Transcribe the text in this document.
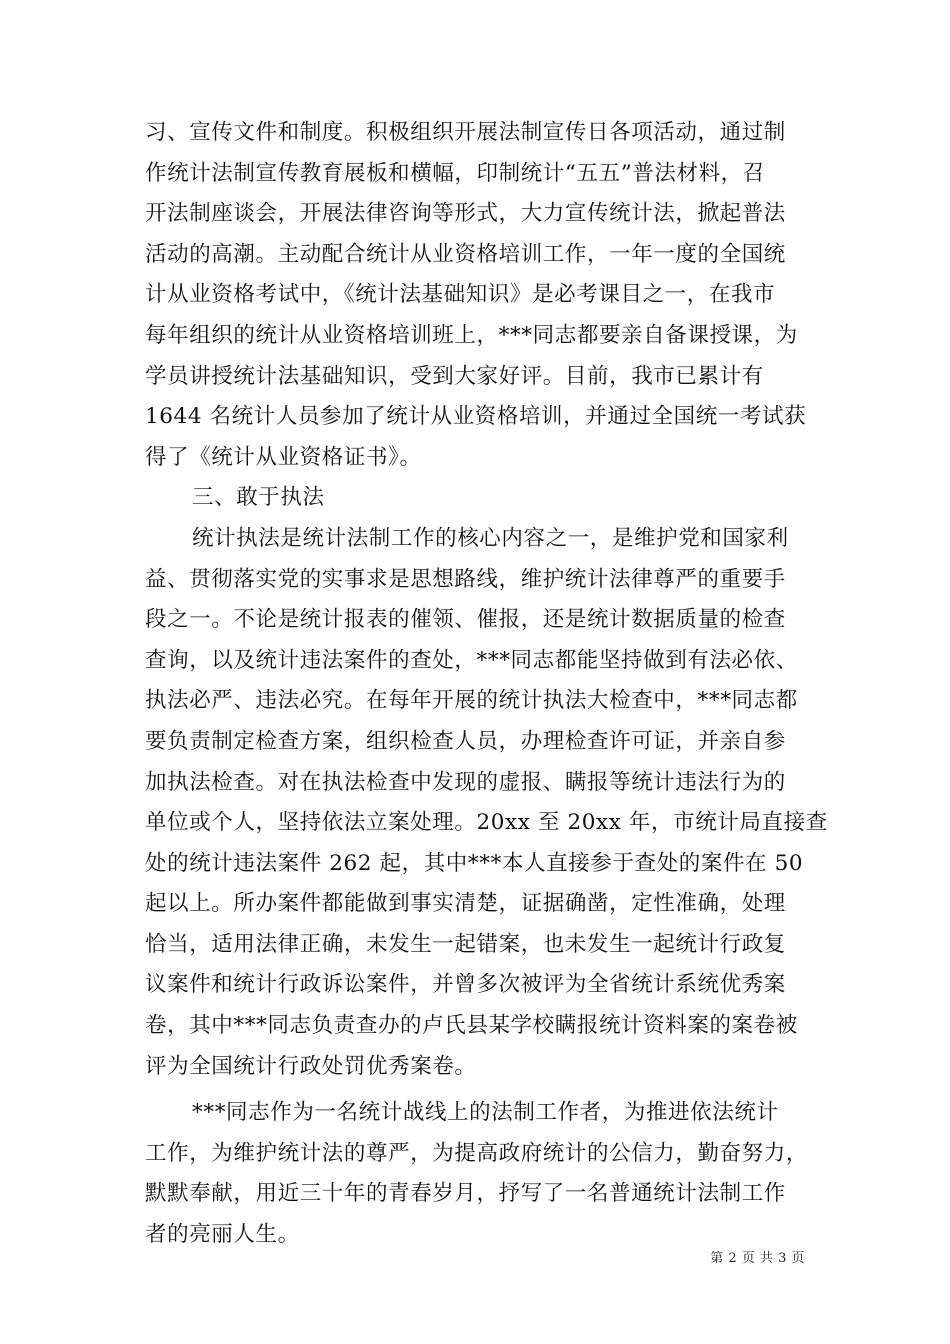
习、宣传文件和制度。积极组织开展法制宣传日各项活动，通过制
作统计法制宣传教育展板和横幅，印制统计“五五”普法材料，召
开法制座谈会，开展法律咨询等形式，大力宣传统计法，掀起普法
活动的高潮。主动配合统计从业资格培训工作，一年一度的全国统
计从业资格考试中，《统计法基础知识》是必考课目之一，在我市
每年组织的统计从业资格培训班上，***同志都要亲自备课授课，为
学员讲授统计法基础知识，受到大家好评。目前，我市已累计有
1644 名统计人员参加了统计从业资格培训，并通过全国统一考试获
得了《统计从业资格证书》。
三、敢于执法
统计执法是统计法制工作的核心内容之一，是维护党和国家利
益、贯彻落实党的实事求是思想路线，维护统计法律尊严的重要手
段之一。不论是统计报表的催领、催报，还是统计数据质量的检查
查询，以及统计违法案件的查处，***同志都能坚持做到有法必依、
执法必严、违法必究。在每年开展的统计执法大检查中，***同志都
要负责制定检查方案，组织检查人员，办理检查许可证，并亲自参
加执法检查。对在执法检查中发现的虚报、瞒报等统计违法行为的
单位或个人，坚持依法立案处理。20xx 至 20xx 年，市统计局直接查
处的统计违法案件 262 起，其中***本人直接参于查处的案件在 50
起以上。所办案件都能做到事实清楚，证据确凿，定性准确，处理
恰当，适用法律正确，未发生一起错案，也未发生一起统计行政复
议案件和统计行政诉讼案件，并曾多次被评为全省统计系统优秀案
卷，其中***同志负责查办的卢氏县某学校瞒报统计资料案的案卷被
评为全国统计行政处罚优秀案卷。
***同志作为一名统计战线上的法制工作者，为推进依法统计
工作，为维护统计法的尊严，为提高政府统计的公信力，勤奋努力，
默默奉献，用近三十年的青春岁月，抒写了一名普通统计法制工作
者的亮丽人生。
第 2 页 共 3 页
